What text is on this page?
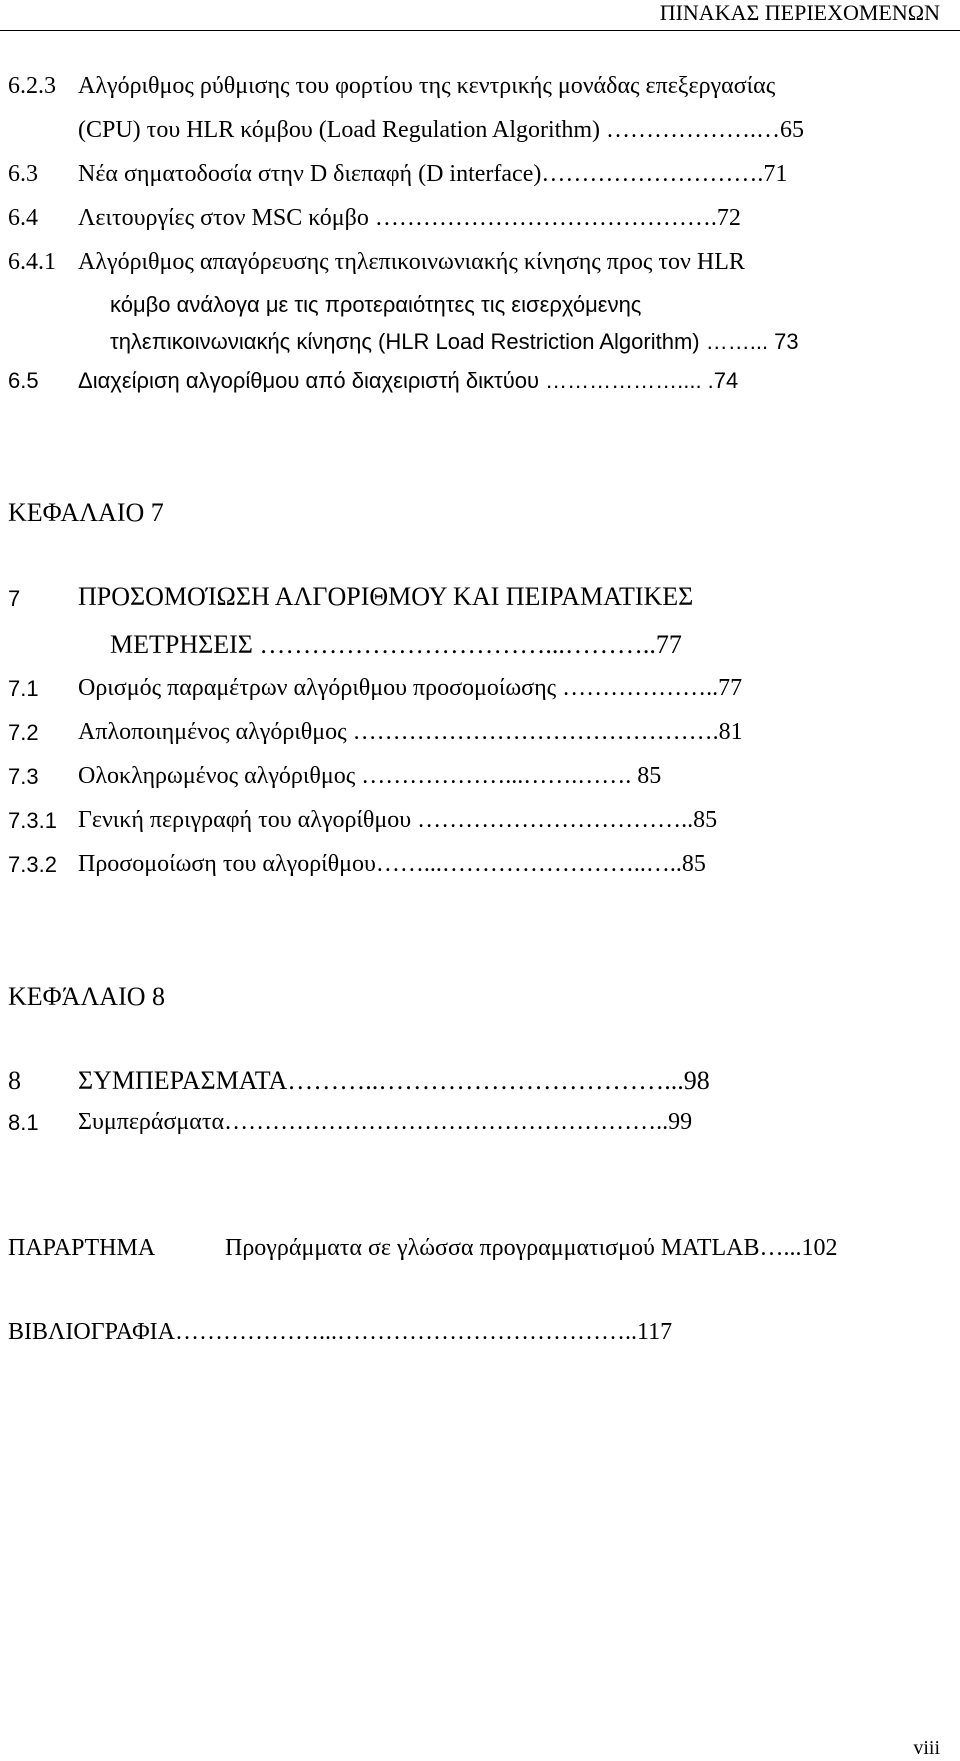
ΠΙΝΑΚΑΣ ΠΕΡΙΕΧΟΜΕΝΩΝ
6.2.3 Αλγόριθμος ρύθμισης του φορτίου της κεντρικής μονάδας επεξεργασίας
(CPU) του HLR κόμβου (Load Regulation Algorithm) ……………….…65
6.3 Νέα σηματοδοσία στην D διεπαφή (D interface)……………………….71
6.4 Λειτουργίες στον MSC κόμβο …………………………………….72
6.4.1 Αλγόριθμος απαγόρευσης τηλεπικοινωνιακής κίνησης προς τον HLR
κόμβο ανάλογα με τις προτεραιότητες τις εισερχόμενης
τηλεπικοινωνιακής κίνησης (HLR Load Restriction Algorithm) ……... 73
6.5 Διαχείριση αλγορίθμου από διαχειριστή δικτύου ……………….... .74
ΚΕΦΑΛΑΙΟ 7
7 ΠΡΟΣΟΜΟΊΩΣΗ ΑΛΓΟΡΙΘΜΟΥ ΚΑΙ ΠΕΙΡΑΜΑΤΙΚΕΣ
ΜΕΤΡΗΣΕΙΣ ……………………………...………..77
7.1 Ορισμός παραμέτρων αλγόριθμου προσομοίωσης ………………..77
7.2 Απλοποιημένος αλγόριθμος ……………………………………….81
7.3 Ολοκληρωμένος αλγόριθμος ………………...…….……. 85
7.3.1 Γενική περιγραφή του αλγορίθμου ……………………………..85
7.3.2 Προσομοίωση του αλγορίθμου……...……………………..…..85
ΚΕΦΆΛΑΙΟ 8
8 ΣΥΜΠΕΡΑΣΜΑΤΑ………..……………………………...98
8.1 Συμπεράσματα………………………………………………..99
ΠΑΡΑΡΤΗΜΑ	Προγράμματα σε γλώσσα προγραμματισμού MATLAB…...102
ΒΙΒΛΙΟΓΡΑΦΙΑ………………...………………………………..117
viii
